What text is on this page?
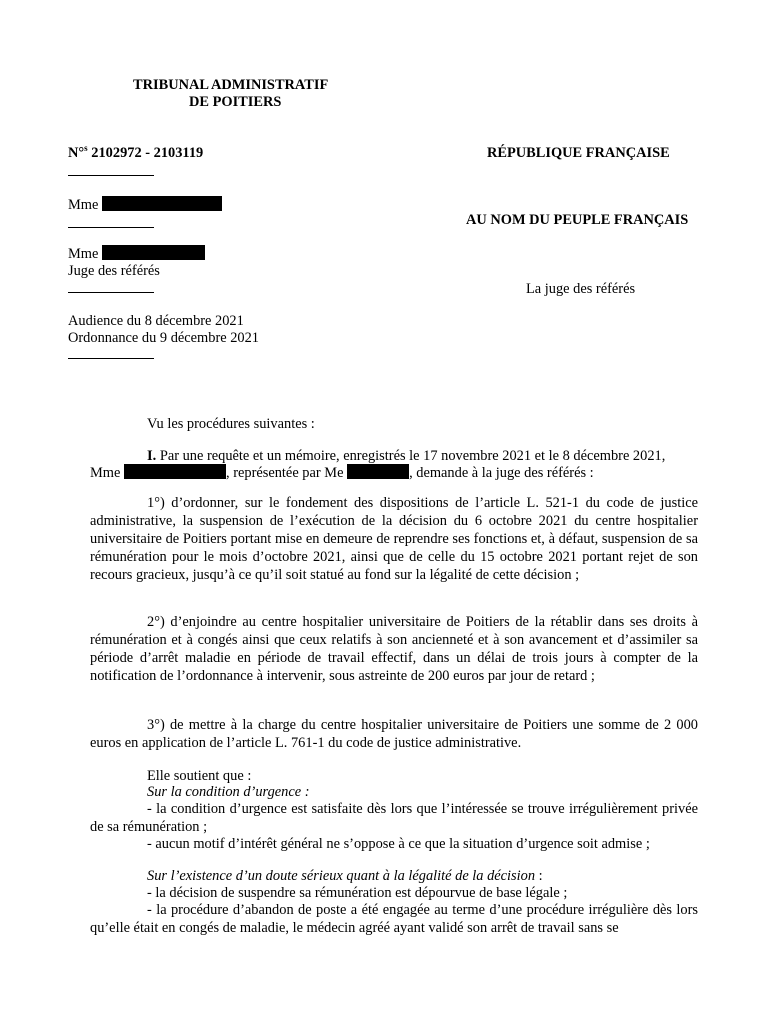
TRIBUNAL ADMINISTRATIF
DE POITIERS
N°$^s$ 2102972 - 2103119	RÉPUBLIQUE FRANÇAISE
Mme
AU NOM DU PEUPLE FRANÇAIS
Mme
Juge des référés
La juge des référés
Audience du 8 décembre 2021
Ordonnance du 9 décembre 2021
Vu les procédures suivantes :
I. Par une requête et un mémoire, enregistrés le 17 novembre 2021 et le 8 décembre 2021,
Mme	, représentée par Me	, demande à la juge des référés :
1°) d’ordonner, sur le fondement des dispositions de l’article L. 521-1 du code de justice administrative, la suspension de l’exécution de la décision du 6 octobre 2021 du centre hospitalier universitaire de Poitiers portant mise en demeure de reprendre ses fonctions et, à défaut, suspension de sa rémunération pour le mois d’octobre 2021, ainsi que de celle du 15 octobre 2021 portant rejet de son recours gracieux, jusqu’à ce qu’il soit statué au fond sur la légalité de cette décision ;
2°) d’enjoindre au centre hospitalier universitaire de Poitiers de la rétablir dans ses droits à rémunération et à congés ainsi que ceux relatifs à son ancienneté et à son avancement et d’assimiler sa période d’arrêt maladie en période de travail effectif, dans un délai de trois jours à compter de la notification de l’ordonnance à intervenir, sous astreinte de 200 euros par jour de retard ;
3°) de mettre à la charge du centre hospitalier universitaire de Poitiers une somme de 2 000 euros en application de l’article L. 761-1 du code de justice administrative.
Elle soutient que :
Sur la condition d’urgence :
- la condition d’urgence est satisfaite dès lors que l’intéressée se trouve irrégulièrement privée de sa rémunération ;
- aucun motif d’intérêt général ne s’oppose à ce que la situation d’urgence soit admise ;
Sur l’existence d’un doute sérieux quant à la légalité de la décision :
- la décision de suspendre sa rémunération est dépourvue de base légale ;
- la procédure d’abandon de poste a été engagée au terme d’une procédure irrégulière dès lors qu’elle était en congés de maladie, le médecin agréé ayant validé son arrêt de travail sans se
